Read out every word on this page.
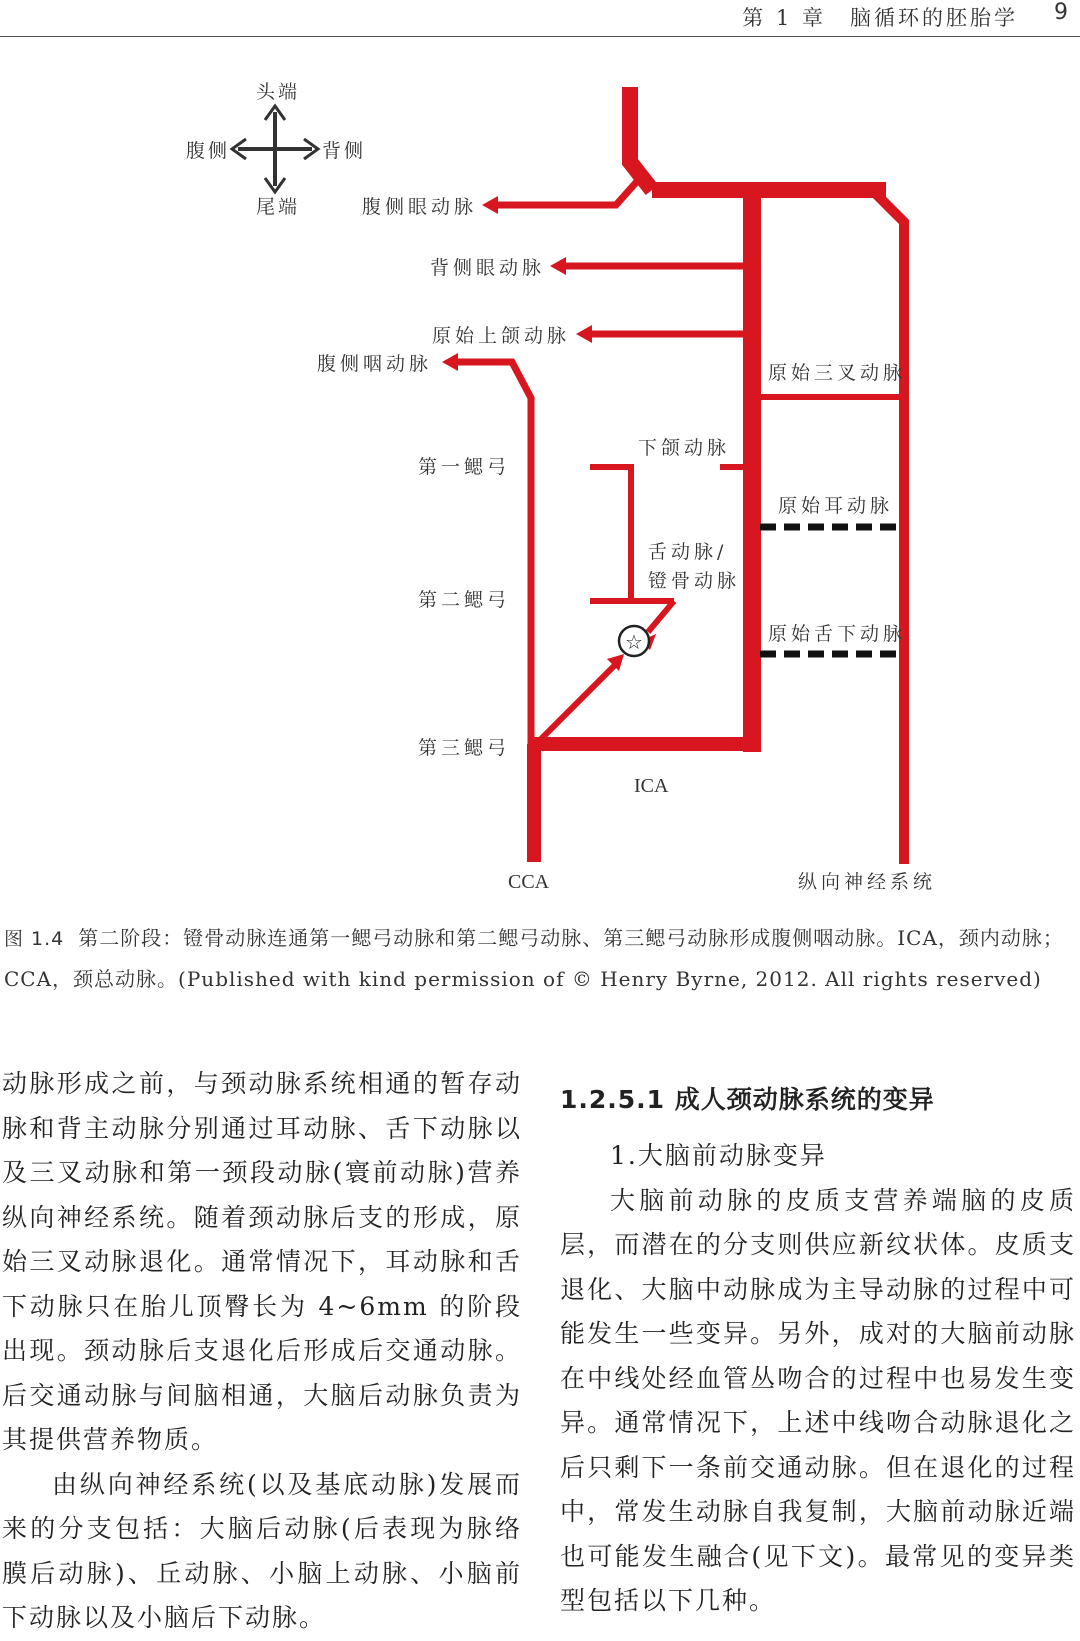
第 1 章　脑循环的胚胎学 9
头端
腹侧	背侧
尾端
☆
腹侧眼动脉
背侧眼动脉
原始上颌动脉
腹侧咽动脉	原始三叉动脉
下颌动脉
第一鳃弓
原始耳动脉
舌动脉/
镫骨动脉
第二鳃弓
原始舌下动脉
第三鳃弓
纵向神经系统
ICA
CCA
图 1.4 第二阶段：镫骨动脉连通第一鳃弓动脉和第二鳃弓动脉、第三鳃弓动脉形成腹侧咽动脉。ICA，颈内动脉；CCA，颈总动脉。(Published with kind permission of © Henry Byrne, 2012. All rights reserved)

动脉形成之前，与颈动脉系统相通的暂存动脉和背主动脉分别通过耳动脉、舌下动脉以及三叉动脉和第一颈段动脉(寰前动脉)营养纵向神经系统。随着颈动脉后支的形成，原始三叉动脉退化。通常情况下，耳动脉和舌下动脉只在胎儿顶臀长为 4~6mm 的阶段出现。颈动脉后支退化后形成后交通动脉。后交通动脉与间脑相通，大脑后动脉负责为其提供营养物质。

由纵向神经系统(以及基底动脉)发展而来的分支包括：大脑后动脉(后表现为脉络膜后动脉)、丘动脉、小脑上动脉、小脑前下动脉以及小脑后下动脉。

1.2.5.1 成人颈动脉系统的变异

1.大脑前动脉变异

大脑前动脉的皮质支营养端脑的皮质层，而潜在的分支则供应新纹状体。皮质支退化、大脑中动脉成为主导动脉的过程中可能发生一些变异。另外，成对的大脑前动脉在中线处经血管丛吻合的过程中也易发生变异。通常情况下，上述中线吻合动脉退化之后只剩下一条前交通动脉。但在退化的过程中，常发生动脉自我复制，大脑前动脉近端也可能发生融合(见下文)。最常见的变异类型包括以下几种。
